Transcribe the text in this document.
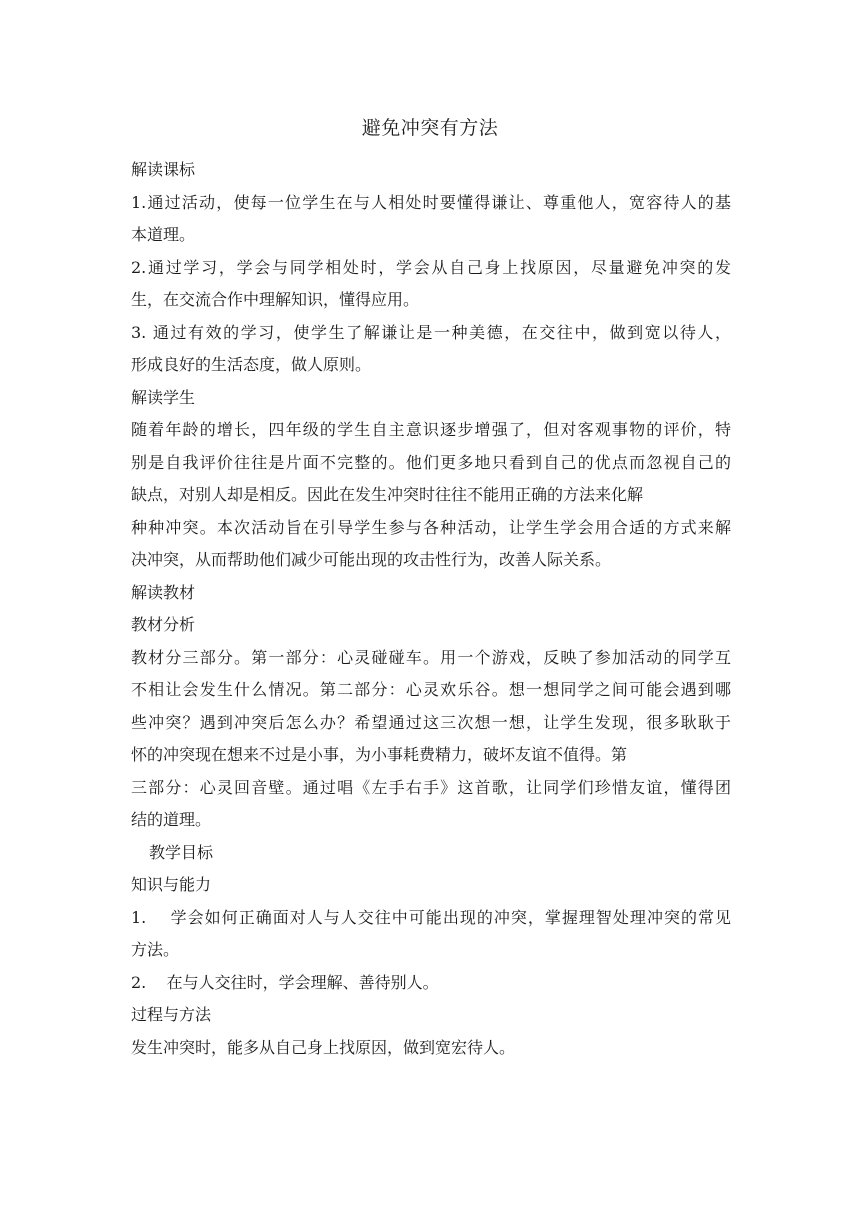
避免冲突有方法
解读课标
1.通过活动，使每一位学生在与人相处时要懂得谦让、尊重他人，宽容待人的基
本道理。
2.通过学习，学会与同学相处时，学会从自己身上找原因，尽量避免冲突的发
生，在交流合作中理解知识，懂得应用。
3. 通过有效的学习，使学生了解谦让是一种美德，在交往中，做到宽以待人，
形成良好的生活态度，做人原则。
解读学生
随着年龄的增长，四年级的学生自主意识逐步增强了，但对客观事物的评价，特
别是自我评价往往是片面不完整的。他们更多地只看到自己的优点而忽视自己的
缺点，对别人却是相反。因此在发生冲突时往往不能用正确的方法来化解
种种冲突。本次活动旨在引导学生参与各种活动，让学生学会用合适的方式来解
决冲突，从而帮助他们减少可能出现的攻击性行为，改善人际关系。
解读教材
教材分析
教材分三部分。第一部分：心灵碰碰车。用一个游戏，反映了参加活动的同学互
不相让会发生什么情况。第二部分：心灵欢乐谷。想一想同学之间可能会遇到哪
些冲突？遇到冲突后怎么办？希望通过这三次想一想，让学生发现，很多耿耿于
怀的冲突现在想来不过是小事，为小事耗费精力，破坏友谊不值得。第
三部分：心灵回音壁。通过唱《左手右手》这首歌，让同学们珍惜友谊，懂得团
结的道理。
教学目标
知识与能力
1.    学会如何正确面对人与人交往中可能出现的冲突，掌握理智处理冲突的常见
方法。
2.    在与人交往时，学会理解、善待别人。
过程与方法
发生冲突时，能多从自己身上找原因，做到宽宏待人。
